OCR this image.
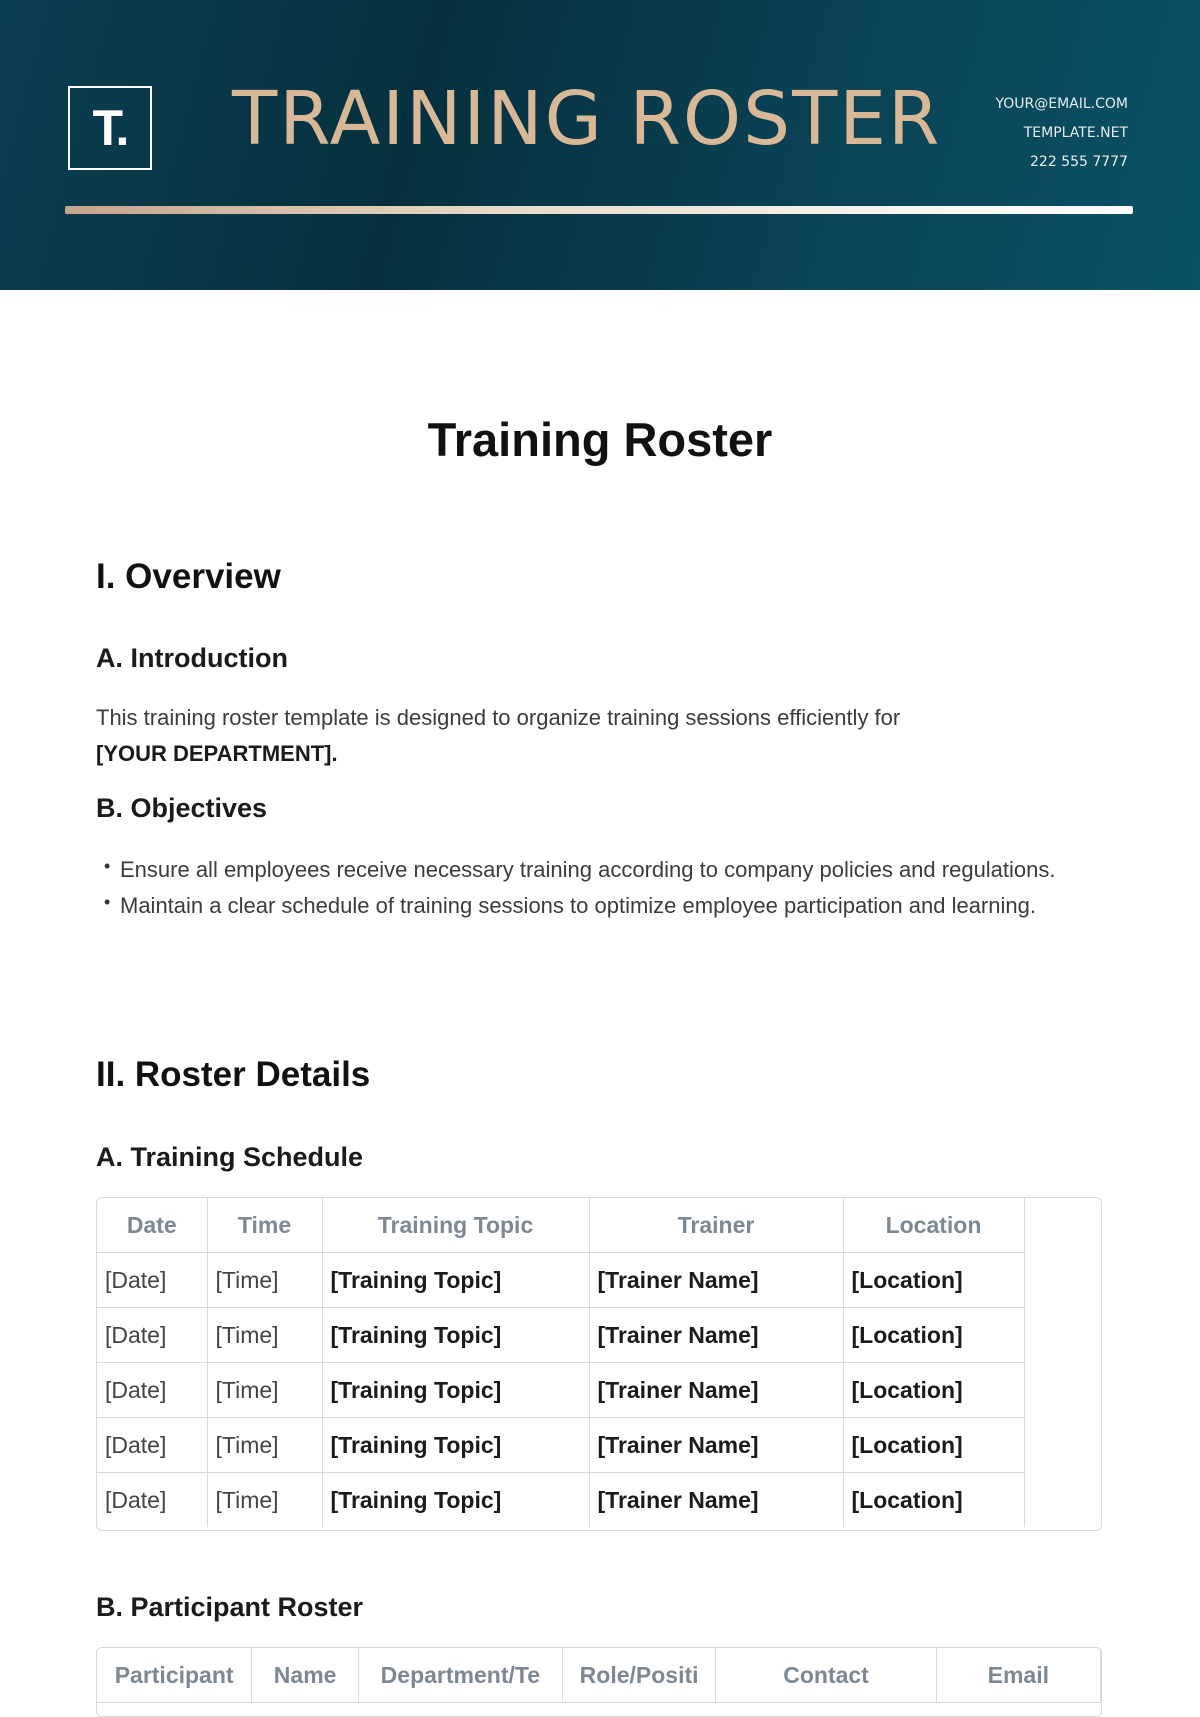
T.	TRAINING ROSTER	YOUR@EMAIL.COM
TEMPLATE.NET
222 555 7777
Training Roster
I. Overview
A. Introduction
This training roster template is designed to organize training sessions efficiently for
[YOUR DEPARTMENT].
B. Objectives
• Ensure all employees receive necessary training according to company policies and regulations.
• Maintain a clear schedule of training sessions to optimize employee participation and learning.
II. Roster Details
A. Training Schedule
Date	Time	Training Topic	Trainer	Location
[Date]	[Time]	[Training Topic]	[Trainer Name]	[Location]
[Date]	[Time]	[Training Topic]	[Trainer Name]	[Location]
[Date]	[Time]	[Training Topic]	[Trainer Name]	[Location]
[Date]	[Time]	[Training Topic]	[Trainer Name]	[Location]
[Date]	[Time]	[Training Topic]	[Trainer Name]	[Location]
B. Participant Roster
Participant	Name	Department/Te	Role/Positi	Contact	Email
